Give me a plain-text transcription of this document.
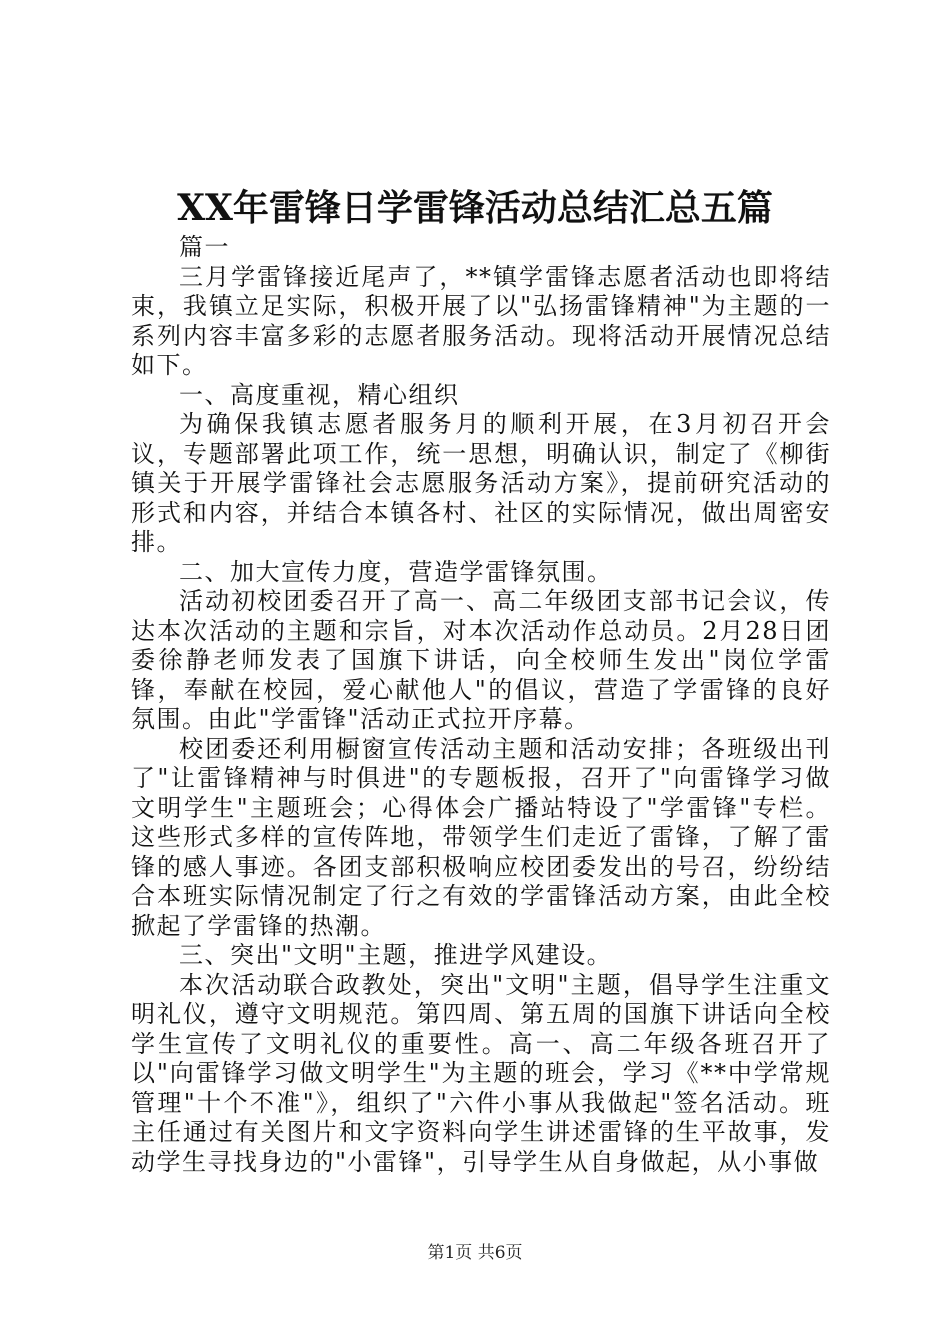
XX年雷锋日学雷锋活动总结汇总五篇

篇一

三月学雷锋接近尾声了，**镇学雷锋志愿者活动也即将结束，我镇立足实际，积极开展了以"弘扬雷锋精神"为主题的一系列内容丰富多彩的志愿者服务活动。现将活动开展情况总结如下。

一、高度重视，精心组织

为确保我镇志愿者服务月的顺利开展，在3月初召开会议，专题部署此项工作，统一思想，明确认识，制定了《柳街镇关于开展学雷锋社会志愿服务活动方案》，提前研究活动的形式和内容，并结合本镇各村、社区的实际情况，做出周密安排。

二、加大宣传力度，营造学雷锋氛围。

活动初校团委召开了高一、高二年级团支部书记会议，传达本次活动的主题和宗旨，对本次活动作总动员。2月28日团委徐静老师发表了国旗下讲话，向全校师生发出"岗位学雷锋，奉献在校园，爱心献他人"的倡议，营造了学雷锋的良好氛围。由此"学雷锋"活动正式拉开序幕。

校团委还利用橱窗宣传活动主题和活动安排；各班级出刊了"让雷锋精神与时俱进"的专题板报，召开了"向雷锋学习做文明学生"主题班会；心得体会广播站特设了"学雷锋"专栏。这些形式多样的宣传阵地，带领学生们走近了雷锋，了解了雷锋的感人事迹。各团支部积极响应校团委发出的号召，纷纷结合本班实际情况制定了行之有效的学雷锋活动方案，由此全校掀起了学雷锋的热潮。

三、突出"文明"主题，推进学风建设。

本次活动联合政教处，突出"文明"主题，倡导学生注重文明礼仪，遵守文明规范。第四周、第五周的国旗下讲话向全校学生宣传了文明礼仪的重要性。高一、高二年级各班召开了以"向雷锋学习做文明学生"为主题的班会，学习《**中学常规管理"十个不准"》，组织了"六件小事从我做起"签名活动。班主任通过有关图片和文字资料向学生讲述雷锋的生平故事，发动学生寻找身边的"小雷锋"，引导学生从自身做起，从小事做

第1页 共6页
